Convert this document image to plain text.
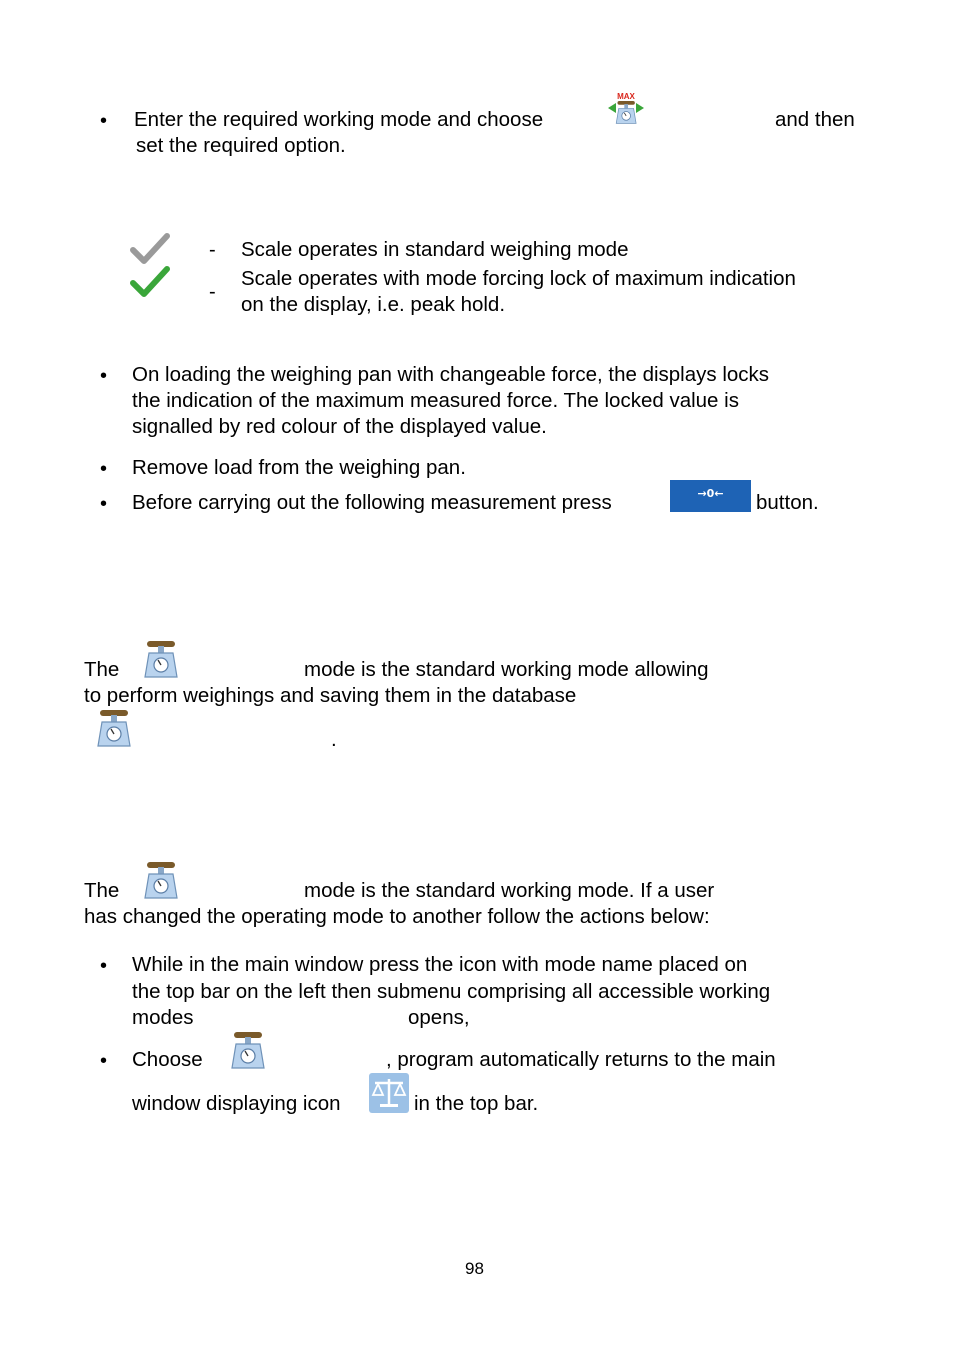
• Enter the required working mode and choose
MAX
and then
set the required option.
- Scale operates in standard weighing mode
-
Scale operates with mode forcing lock of maximum indication
on the display, i.e. peak hold.
• On loading the weighing pan with changeable force, the displays locks
the indication of the maximum measured force. The locked value is
signalled by red colour of the displayed value.
• Remove load from the weighing pan.
• Before carrying out the following measurement press	→0←	button.
The	mode is the standard working mode allowing
to perform weighings and saving them in the database
.
The	mode is the standard working mode. If a user
has changed the operating mode to another follow the actions below:
• While in the main window press the icon with mode name placed on
the top bar on the left then submenu comprising all accessible working
modes	opens,
• Choose	, program automatically returns to the main
window displaying icon	in the top bar.
98
